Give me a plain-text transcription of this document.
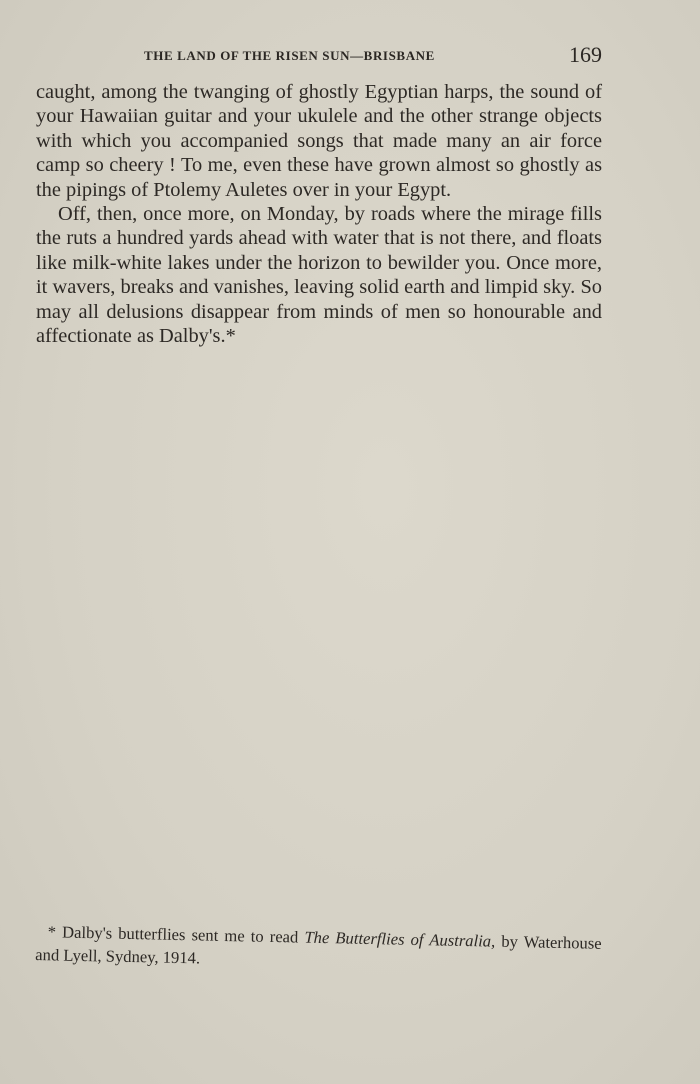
THE LAND OF THE RISEN SUN—BRISBANE	169

caught, among the twanging of ghostly Egyptian harps, the sound of your Hawaiian guitar and your ukulele and the other strange objects with which you accompanied songs that made many an air force camp so cheery ! To me, even these have grown almost so ghostly as the pipings of Ptolemy Auletes over in your Egypt.

Off, then, once more, on Monday, by roads where the mirage fills the ruts a hundred yards ahead with water that is not there, and floats like milk-white lakes under the horizon to bewilder you. Once more, it wavers, breaks and vanishes, leaving solid earth and limpid sky. So may all delusions disappear from minds of men so honourable and affectionate as Dalby's.*

* Dalby's butterflies sent me to read The Butterflies of Australia, by Waterhouse and Lyell, Sydney, 1914.
